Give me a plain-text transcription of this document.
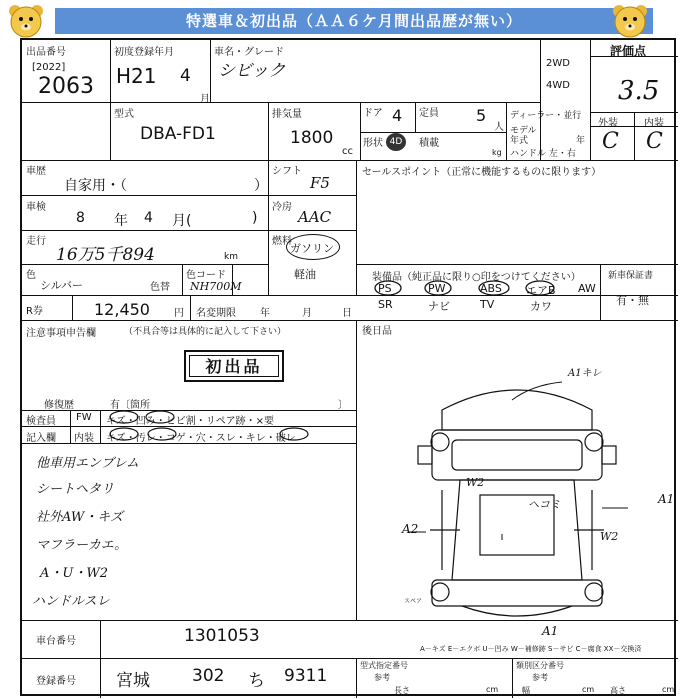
特選車＆初出品（ＡＡ６ケ月間出品歴が無い）
出品番号
[2022]
2063
初度登録年月
H21 4
月
車名・グレード
シビック	2WD
4WD
評価点
3.5
外装	内装
C C
型式
DBA-FD1
排気量
1800
cc
ドア 4 定員 5
人
形状 4D	積載
kg
ディーラー・並行
モデル
年式	年
ハンドル 左・右
車歴
自家用・（	）
車検
8 年 4 月(	)
走行
16万5千894	km
色
シルバー	色替
色コード
NH700M
シフト
F5
冷房
AAC
燃料
ガソリン
軽油
セールスポイント（正常に機能するものに限ります）
装備品（純正品に限り○印をつけてください）
PS	PW	ABS エアB AW
SR	ナビ	TV	カワ
新車保証書
有・無
R券	12,450 円 名変期限 年	月	日
後日品
注意事項申告欄	（不具合等は具体的に記入して下さい）
初出品
修復歴	有〔箇所	〕
検査員 FW キズ・凹み・ヒビ割・リペア跡・×要
記入欄 内装 キズ・汚レ・コゲ・穴・スレ・キレ・破レ
他車用エンブレム
シートヘタリ
社外AW・キズ
マフラーカエ。
A・U・W2
ハンドルスレ
A1キレ
ヘコミ
W2
W2
A2
A1
A1
スペア
A－キズ E－エクボ U－凹み W－補修跡 S－サビ C－腐食 XX－交換済
車台番号	1301053
登録番号 宮城 302 ち 9311
型式指定番号	類別区分番号
参考	参考
長さ	cm	幅	cm 高さ	cm
